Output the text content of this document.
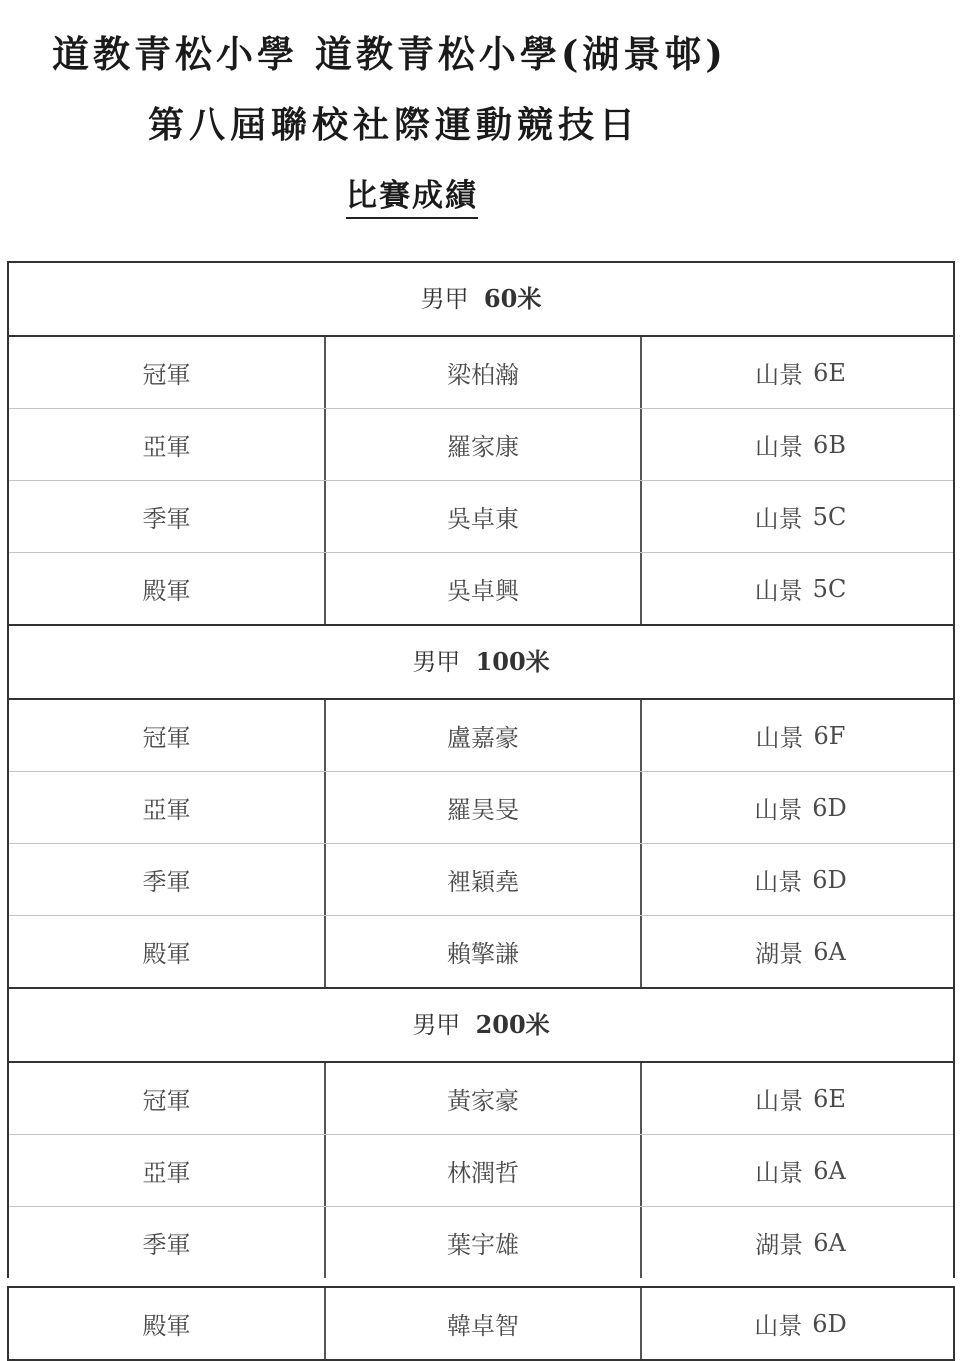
道教青松小學 道教青松小學(湖景邨)
第八屆聯校社際運動競技日
比賽成績
男甲 60米
冠軍	梁柏瀚	山景 6E
亞軍	羅家康	山景 6B
季軍	吳卓東	山景 5C
殿軍	吳卓興	山景 5C
男甲 100米
冠軍	盧嘉豪	山景 6F
亞軍	羅昊旻	山景 6D
季軍	裡穎堯	山景 6D
殿軍	賴擎謙	湖景 6A
男甲 200米
冠軍	黃家豪	山景 6E
亞軍	林潤哲	山景 6A
季軍	葉宇雄	湖景 6A
殿軍	韓卓智	山景 6D
